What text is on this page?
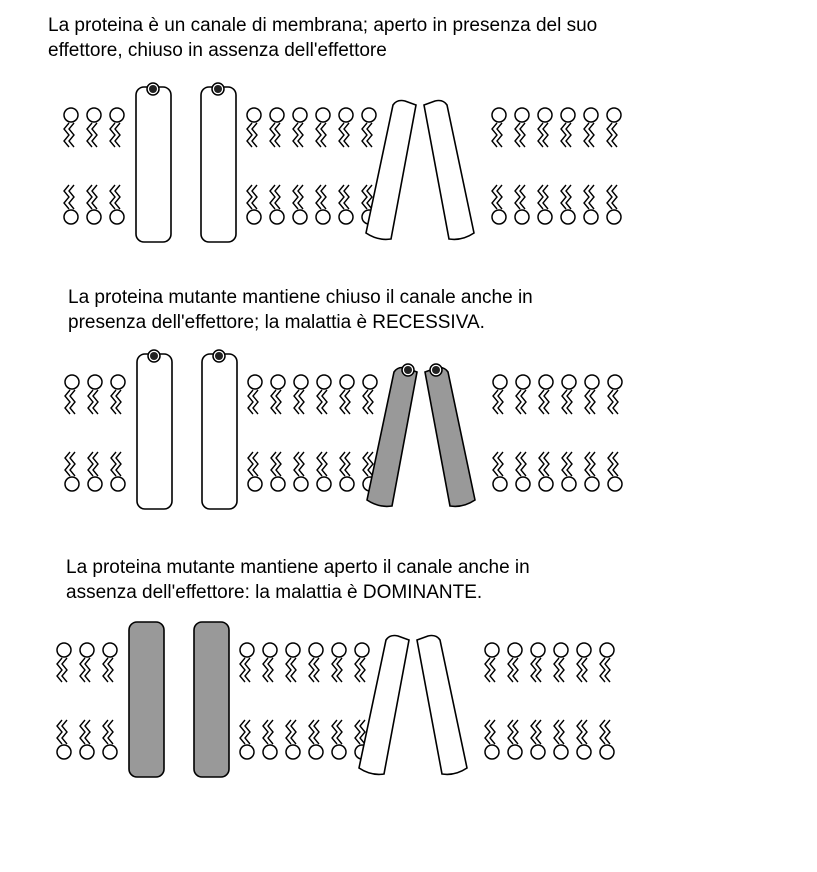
La proteina è un canale di membrana; aperto in presenza del suo
effettore, chiuso in assenza dell'effettore
La proteina mutante mantiene chiuso il canale anche in
presenza dell'effettore; la malattia è RECESSIVA.
La proteina mutante mantiene aperto il canale anche in
assenza dell'effettore: la malattia è DOMINANTE.
